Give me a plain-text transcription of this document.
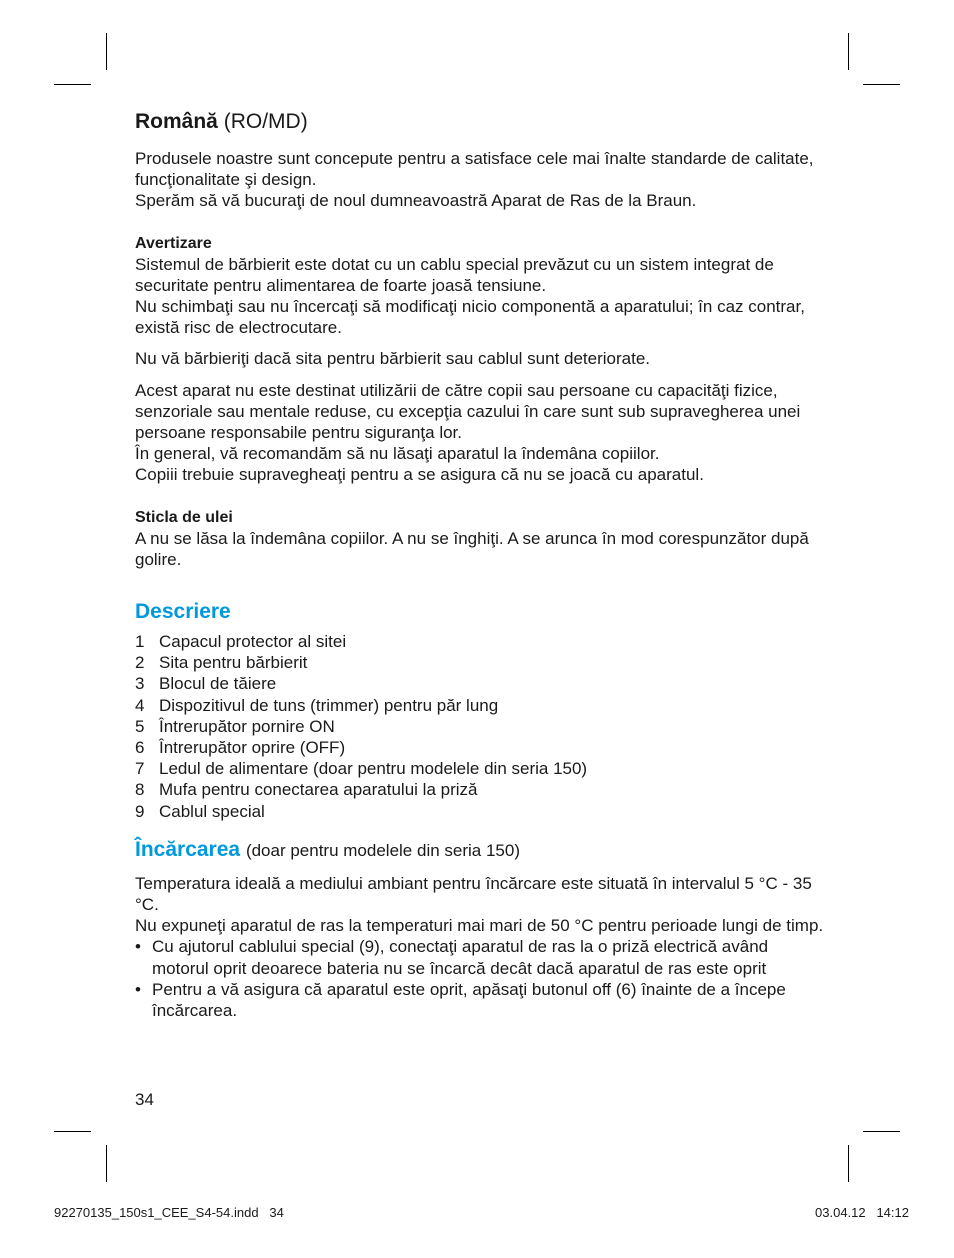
Română (RO/MD)

Produsele noastre sunt concepute pentru a satisface cele mai înalte standarde de calitate, funcţionalitate şi design.

Sperăm să vă bucuraţi de noul dumneavoastră Aparat de Ras de la Braun.

Avertizare

Sistemul de bărbierit este dotat cu un cablu special prevăzut cu un sistem integrat de securitate pentru alimentarea de foarte joasă tensiune.

Nu schimbaţi sau nu încercaţi să modificaţi nicio componentă a aparatului; în caz contrar, există risc de electrocutare.

Nu vă bărbieriţi dacă sita pentru bărbierit sau cablul sunt deteriorate.

Acest aparat nu este destinat utilizării de către copii sau persoane cu capacităţi fizice, senzoriale sau mentale reduse, cu excepţia cazului în care sunt sub supravegherea unei persoane responsabile pentru siguranţa lor.

În general, vă recomandăm să nu lăsaţi aparatul la îndemâna copiilor.

Copiii trebuie supravegheaţi pentru a se asigura că nu se joacă cu aparatul.

Sticla de ulei

A nu se lăsa la îndemâna copiilor. A nu se înghiţi. A se arunca în mod corespunzător după golire.

Descriere
1 Capacul protector al sitei
2 Sita pentru bărbierit
3 Blocul de tăiere
4 Dispozitivul de tuns (trimmer) pentru păr lung
5 Întrerupător pornire ON
6 Întrerupător oprire (OFF)
7 Ledul de alimentare (doar pentru modelele din seria 150)
8 Mufa pentru conectarea aparatului la priză
9 Cablul special
Încărcarea (doar pentru modelele din seria 150)

Temperatura ideală a mediului ambiant pentru încărcare este situată în intervalul 5 °C - 35 °C.

Nu expuneţi aparatul de ras la temperaturi mai mari de 50 °C pentru perioade lungi de timp.

• Cu ajutorul cablului special (9), conectaţi aparatul de ras la o priză electrică având motorul oprit deoarece bateria nu se încarcă decât dacă aparatul de ras este oprit
• Pentru a vă asigura că aparatul este oprit, apăsaţi butonul off (6) înainte de a începe încărcarea.
34
92270135_150s1_CEE_S4-54.indd   34	03.04.12   14:12
